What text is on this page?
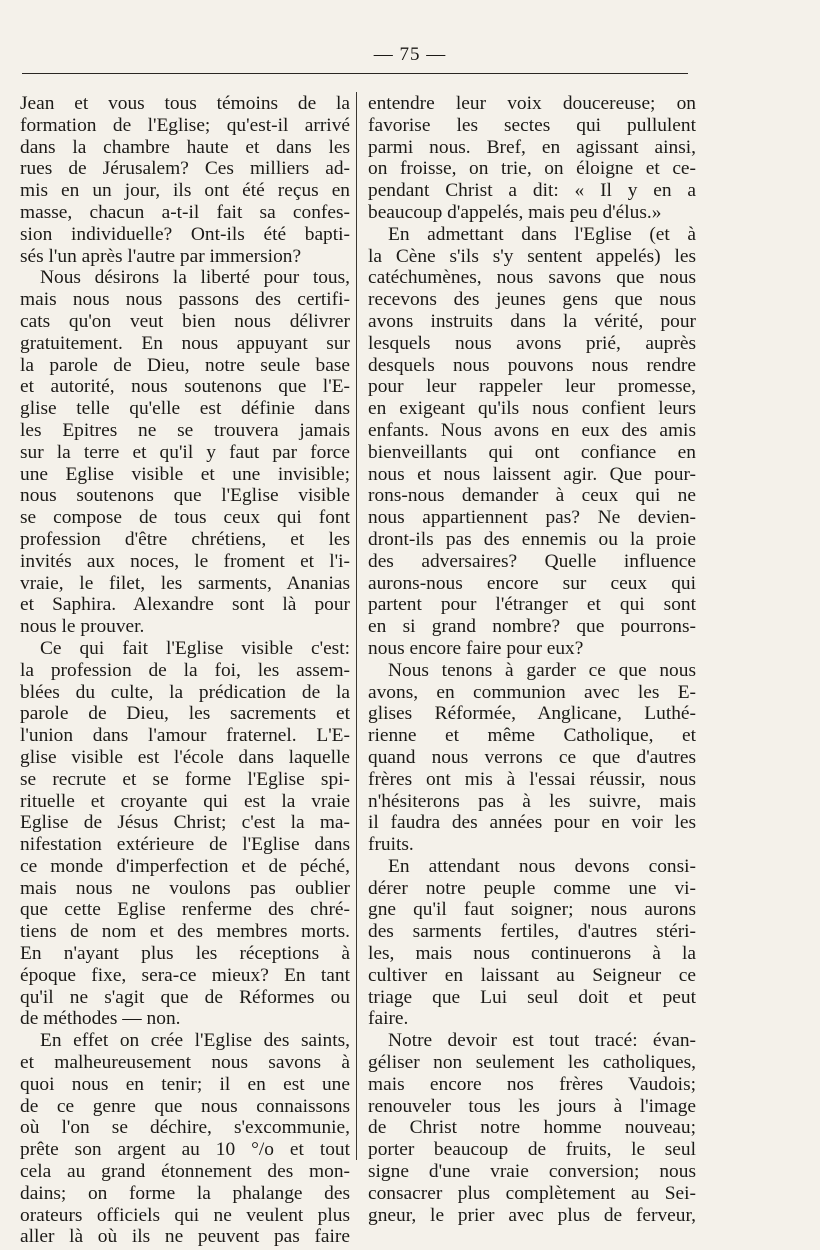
— 75 —
Jean et vous tous témoins de la
formation de l'Eglise; qu'est-il arrivé
dans la chambre haute et dans les
rues de Jérusalem? Ces milliers ad-
mis en un jour, ils ont été reçus en
masse, chacun a-t-il fait sa confes-
sion individuelle? Ont-ils été bapti-
sés l'un après l'autre par immersion?
Nous désirons la liberté pour tous,
mais nous nous passons des certifi-
cats qu'on veut bien nous délivrer
gratuitement. En nous appuyant sur
la parole de Dieu, notre seule base
et autorité, nous soutenons que l'E-
glise telle qu'elle est définie dans
les Epitres ne se trouvera jamais
sur la terre et qu'il y faut par force
une Eglise visible et une invisible;
nous soutenons que l'Eglise visible
se compose de tous ceux qui font
profession d'être chrétiens, et les
invités aux noces, le froment et l'i-
vraie, le filet, les sarments, Ananias
et Saphira. Alexandre sont là pour
nous le prouver.
Ce qui fait l'Eglise visible c'est:
la profession de la foi, les assem-
blées du culte, la prédication de la
parole de Dieu, les sacrements et
l'union dans l'amour fraternel. L'E-
glise visible est l'école dans laquelle
se recrute et se forme l'Eglise spi-
rituelle et croyante qui est la vraie
Eglise de Jésus Christ; c'est la ma-
nifestation extérieure de l'Eglise dans
ce monde d'imperfection et de péché,
mais nous ne voulons pas oublier
que cette Eglise renferme des chré-
tiens de nom et des membres morts.
En n'ayant plus les réceptions à
époque fixe, sera-ce mieux? En tant
qu'il ne s'agit que de Réformes ou
de méthodes — non.
En effet on crée l'Eglise des saints,
et malheureusement nous savons à
quoi nous en tenir; il en est une
de ce genre que nous connaissons
où l'on se déchire, s'excommunie,
prête son argent au 10 °/o et tout
cela au grand étonnement des mon-
dains; on forme la phalange des
orateurs officiels qui ne veulent plus
aller là où ils ne peuvent pas faire
entendre leur voix doucereuse; on
favorise les sectes qui pullulent
parmi nous. Bref, en agissant ainsi,
on froisse, on trie, on éloigne et ce-
pendant Christ a dit: « Il y en a
beaucoup d'appelés, mais peu d'élus.»
En admettant dans l'Eglise (et à
la Cène s'ils s'y sentent appelés) les
catéchumènes, nous savons que nous
recevons des jeunes gens que nous
avons instruits dans la vérité, pour
lesquels nous avons prié, auprès
desquels nous pouvons nous rendre
pour leur rappeler leur promesse,
en exigeant qu'ils nous confient leurs
enfants. Nous avons en eux des amis
bienveillants qui ont confiance en
nous et nous laissent agir. Que pour-
rons-nous demander à ceux qui ne
nous appartiennent pas? Ne devien-
dront-ils pas des ennemis ou la proie
des adversaires? Quelle influence
aurons-nous encore sur ceux qui
partent pour l'étranger et qui sont
en si grand nombre? que pourrons-
nous encore faire pour eux?
Nous tenons à garder ce que nous
avons, en communion avec les E-
glises Réformée, Anglicane, Luthé-
rienne et même Catholique, et
quand nous verrons ce que d'autres
frères ont mis à l'essai réussir, nous
n'hésiterons pas à les suivre, mais
il faudra des années pour en voir les
fruits.
En attendant nous devons consi-
dérer notre peuple comme une vi-
gne qu'il faut soigner; nous aurons
des sarments fertiles, d'autres stéri-
les, mais nous continuerons à la
cultiver en laissant au Seigneur ce
triage que Lui seul doit et peut
faire.
Notre devoir est tout tracé: évan-
géliser non seulement les catholiques,
mais encore nos frères Vaudois;
renouveler tous les jours à l'image
de Christ notre homme nouveau;
porter beaucoup de fruits, le seul
signe d'une vraie conversion; nous
consacrer plus complètement au Sei-
gneur, le prier avec plus de ferveur,
